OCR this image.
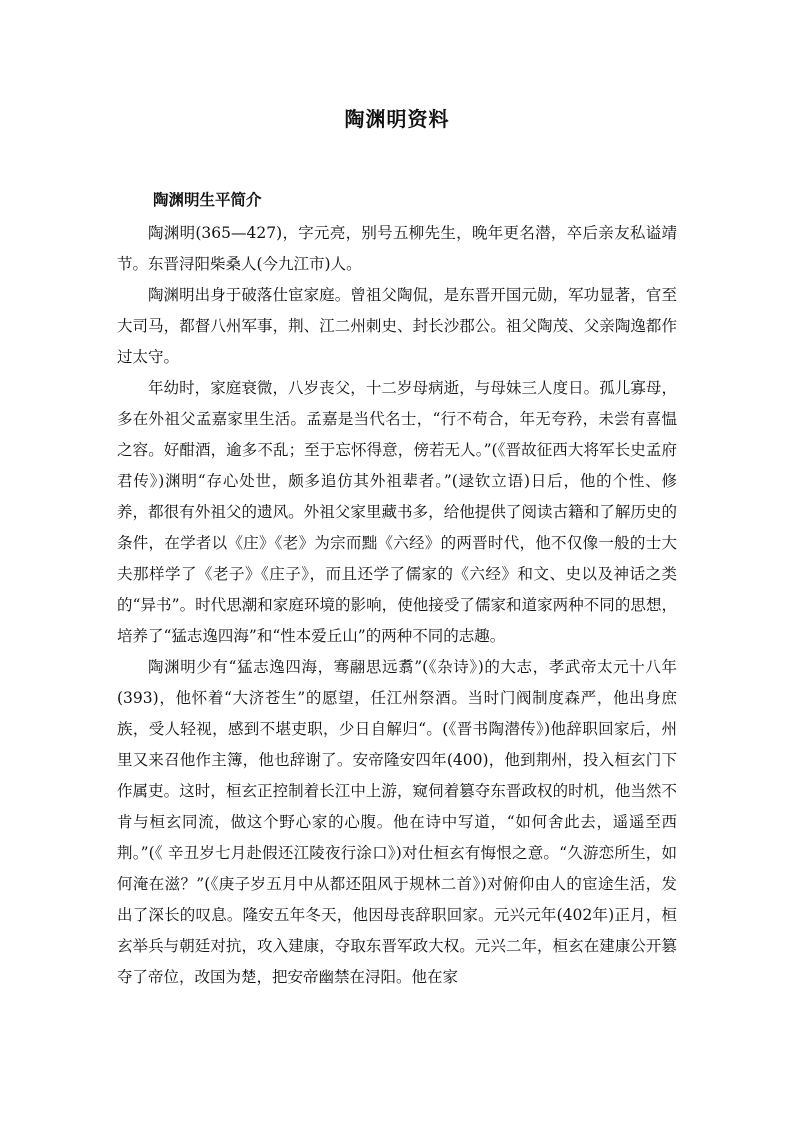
陶渊明资料
陶渊明生平简介

陶渊明(365—427)，字元亮，别号五柳先生，晚年更名潜，卒后亲友私谥靖节。东晋浔阳柴桑人(今九江市)人。

陶渊明出身于破落仕宦家庭。曾祖父陶侃，是东晋开国元勋，军功显著，官至大司马，都督八州军事，荆、江二州刺史、封长沙郡公。祖父陶茂、父亲陶逸都作过太守。

年幼时，家庭衰微，八岁丧父，十二岁母病逝，与母妹三人度日。孤儿寡母，多在外祖父孟嘉家里生活。孟嘉是当代名士，“行不苟合，年无夸矜，未尝有喜愠之容。好酣酒，逾多不乱；至于忘怀得意，傍若无人。”(《晋故征西大将军长史孟府君传》)渊明“存心处世，颇多追仿其外祖辈者。”(逯钦立语)日后，他的个性、修养，都很有外祖父的遗风。外祖父家里藏书多，给他提供了阅读古籍和了解历史的条件，在学者以《庄》《老》为宗而黜《六经》的两晋时代，他不仅像一般的士大夫那样学了《老子》《庄子》，而且还学了儒家的《六经》和文、史以及神话之类的“异书”。时代思潮和家庭环境的影响，使他接受了儒家和道家两种不同的思想，培养了“猛志逸四海”和“性本爱丘山”的两种不同的志趣。

陶渊明少有“猛志逸四海，骞翮思远翥”(《杂诗》)的大志，孝武帝太元十八年(393)，他怀着“大济苍生”的愿望，任江州祭酒。当时门阀制度森严，他出身庶族，受人轻视，感到不堪吏职，少日自解归“。(《晋书陶潜传》)他辞职回家后，州里又来召他作主簿，他也辞谢了。安帝隆安四年(400)，他到荆州，投入桓玄门下作属吏。这时，桓玄正控制着长江中上游，窥伺着篡夺东晋政权的时机，他当然不肯与桓玄同流，做这个野心家的心腹。他在诗中写道，“如何舍此去，遥遥至西荆。”(《 辛丑岁七月赴假还江陵夜行涂口》)对仕桓玄有悔恨之意。“久游恋所生，如何淹在滋？”(《庚子岁五月中从都还阻风于规林二首》)对俯仰由人的宦途生活，发出了深长的叹息。隆安五年冬天，他因母丧辞职回家。元兴元年(402年)正月，桓玄举兵与朝廷对抗，攻入建康，夺取东晋军政大权。元兴二年，桓玄在建康公开篡夺了帝位，改国为楚，把安帝幽禁在浔阳。他在家
